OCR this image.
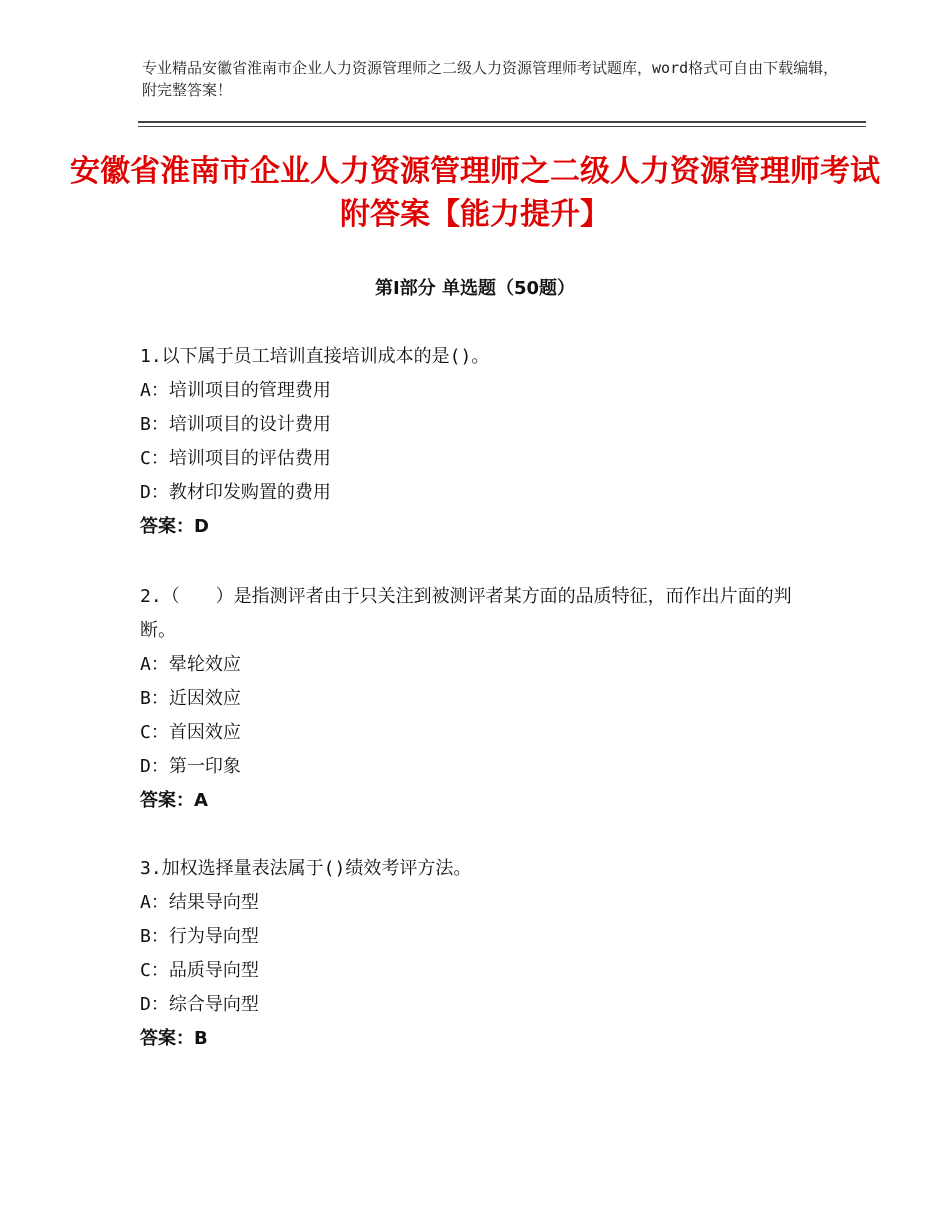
专业精品安徽省淮南市企业人力资源管理师之二级人力资源管理师考试题库，word格式可自由下载编辑，附完整答案！
安徽省淮南市企业人力资源管理师之二级人力资源管理师考试附答案【能力提升】
第Ⅰ部分 单选题（50题）

1.以下属于员工培训直接培训成本的是()。

A：培训项目的管理费用

B：培训项目的设计费用

C：培训项目的评估费用

D：教材印发购置的费用

答案：D

2.（　　）是指测评者由于只关注到被测评者某方面的品质特征，而作出片面的判断。

A：晕轮效应

B：近因效应

C：首因效应

D：第一印象

答案：A

3.加权选择量表法属于()绩效考评方法。

A：结果导向型

B：行为导向型

C：品质导向型

D：综合导向型

答案：B
